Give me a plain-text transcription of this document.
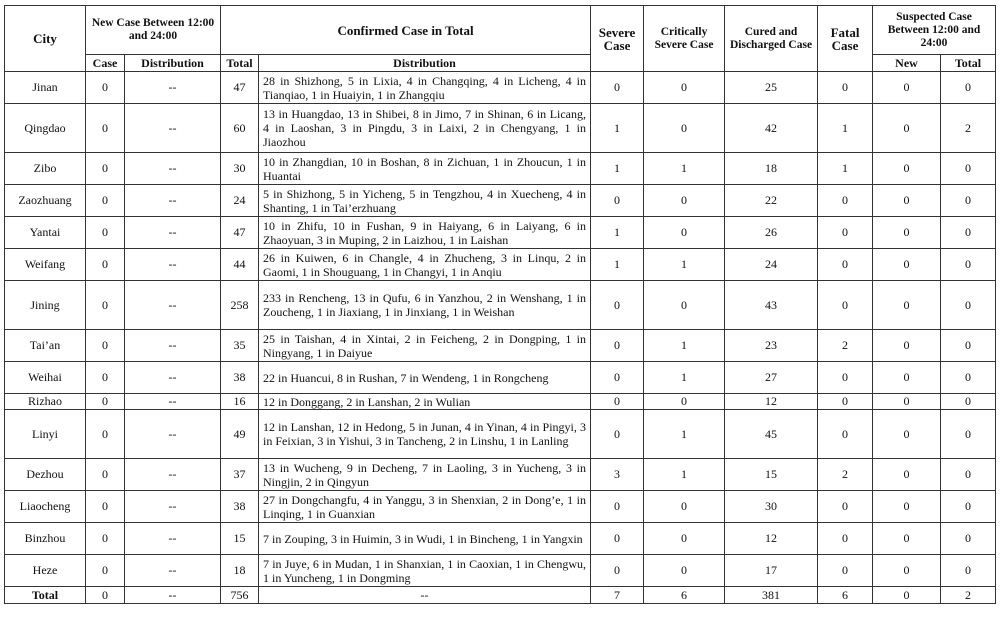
City	New Case Between 12:00 and 24:00		Confirmed Case in Total		Severe Case	Critically Severe Case	Cured and Discharged Case	Fatal Case	Suspected Case Between 12:00 and 24:00	
	Case	Distribution	Total	Distribution					New	Total
Jinan	0	--	47	28 in Shizhong, 5 in Lixia, 4 in Changqing, 4 in Licheng, 4 in Tianqiao, 1 in Huaiyin, 1 in Zhangqiu	0	0	25	0	0	0
Qingdao	0	--	60	13 in Huangdao, 13 in Shibei, 8 in Jimo, 7 in Shinan, 6 in Licang, 4 in Laoshan, 3 in Pingdu, 3 in Laixi, 2 in Chengyang, 1 in Jiaozhou	1	0	42	1	0	2
Zibo	0	--	30	10 in Zhangdian, 10 in Boshan, 8 in Zichuan, 1 in Zhoucun, 1 in Huantai	1	1	18	1	0	0
Zaozhuang	0	--	24	5 in Shizhong, 5 in Yicheng, 5 in Tengzhou, 4 in Xuecheng, 4 in Shanting, 1 in Tai’erzhuang	0	0	22	0	0	0
Yantai	0	--	47	10 in Zhifu, 10 in Fushan, 9 in Haiyang, 6 in Laiyang, 6 in Zhaoyuan, 3 in Muping, 2 in Laizhou, 1 in Laishan	1	0	26	0	0	0
Weifang	0	--	44	26 in Kuiwen, 6 in Changle, 4 in Zhucheng, 3 in Linqu, 2 in Gaomi, 1 in Shouguang, 1 in Changyi, 1 in Anqiu	1	1	24	0	0	0
Jining	0	--	258	233 in Rencheng, 13 in Qufu, 6 in Yanzhou, 2 in Wenshang, 1 in Zoucheng, 1 in Jiaxiang, 1 in Jinxiang, 1 in Weishan	0	0	43	0	0	0
Tai’an	0	--	35	25 in Taishan, 4 in Xintai, 2 in Feicheng, 2 in Dongping, 1 in Ningyang, 1 in Daiyue	0	1	23	2	0	0
Weihai	0	--	38	22 in Huancui, 8 in Rushan, 7 in Wendeng, 1 in Rongcheng	0	1	27	0	0	0
Rizhao	0	--	16	12 in Donggang, 2 in Lanshan, 2 in Wulian	0	0	12	0	0	0
Linyi	0	--	49	12 in Lanshan, 12 in Hedong, 5 in Junan, 4 in Yinan, 4 in Pingyi, 3 in Feixian, 3 in Yishui, 3 in Tancheng, 2 in Linshu, 1 in Lanling	0	1	45	0	0	0
Dezhou	0	--	37	13 in Wucheng, 9 in Decheng, 7 in Laoling, 3 in Yucheng, 3 in Ningjin, 2 in Qingyun	3	1	15	2	0	0
Liaocheng	0	--	38	27 in Dongchangfu, 4 in Yanggu, 3 in Shenxian, 2 in Dong’e, 1 in Linqing, 1 in Guanxian	0	0	30	0	0	0
Binzhou	0	--	15	7 in Zouping, 3 in Huimin, 3 in Wudi, 1 in Bincheng, 1 in Yangxin	0	0	12	0	0	0
Heze	0	--	18	7 in Juye, 6 in Mudan, 1 in Shanxian, 1 in Caoxian, 1 in Chengwu, 1 in Yuncheng, 1 in Dongming	0	0	17	0	0	0
Total	0	--	756	--	7	6	381	6	0	2
